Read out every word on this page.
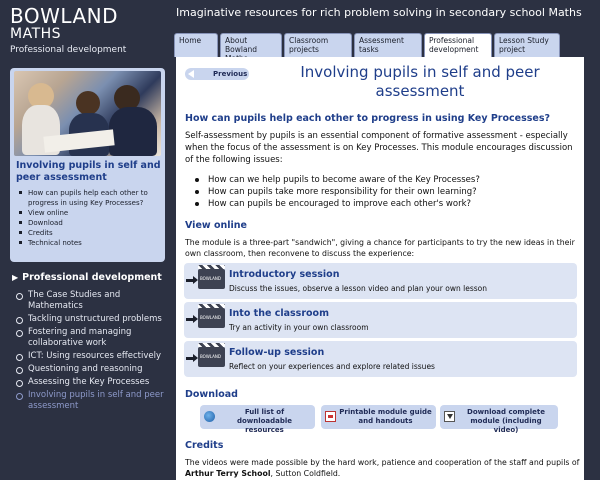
BOWLAND
MATHS
Professional development
Involving pupils in self and peer assessment
How can pupils help each other to progress in using Key Processes?
View online
Download
Credits
Technical notes
▶ Professional development
The Case Studies and Mathematics
Tackling unstructured problems
Fostering and managing collaborative work
ICT: Using resources effectively
Questioning and reasoning
Assessing the Key Processes
Involving pupils in self and peer assessment
Imaginative resources for rich problem solving in secondary school Maths
Home	About Bowland
Classroom projects
Assessment tasks
Professional development
Lesson Study project
Previous	Involving pupils in self and peer assessment
How can pupils help each other to progress in using Key Processes?
Self-assessment by pupils is an essential component of formative assessment - especially when the focus of the assessment is on Key Processes. This module encourages discussion of the following issues:
How can we help pupils to become aware of the Key Processes?
How can pupils take more responsibility for their own learning?
How can pupils be encouraged to improve each other's work?
View online
The module is a three-part "sandwich", giving a chance for participants to try the new ideas in their own classroom, then reconvene to discuss the experience:
BOWLAND
Introductory session
Discuss the issues, observe a lesson video and plan your own lesson
BOWLAND
Into the classroom
Try an activity in your own classroom
BOWLAND
Follow-up session
Reflect on your experiences and explore related issues
Download
Full list of downloadable resources
Printable module guide and handouts
Download complete module (including video)
Credits
The videos were made possible by the hard work, patience and cooperation of the staff and pupils of Arthur Terry School, Sutton Coldfield.
